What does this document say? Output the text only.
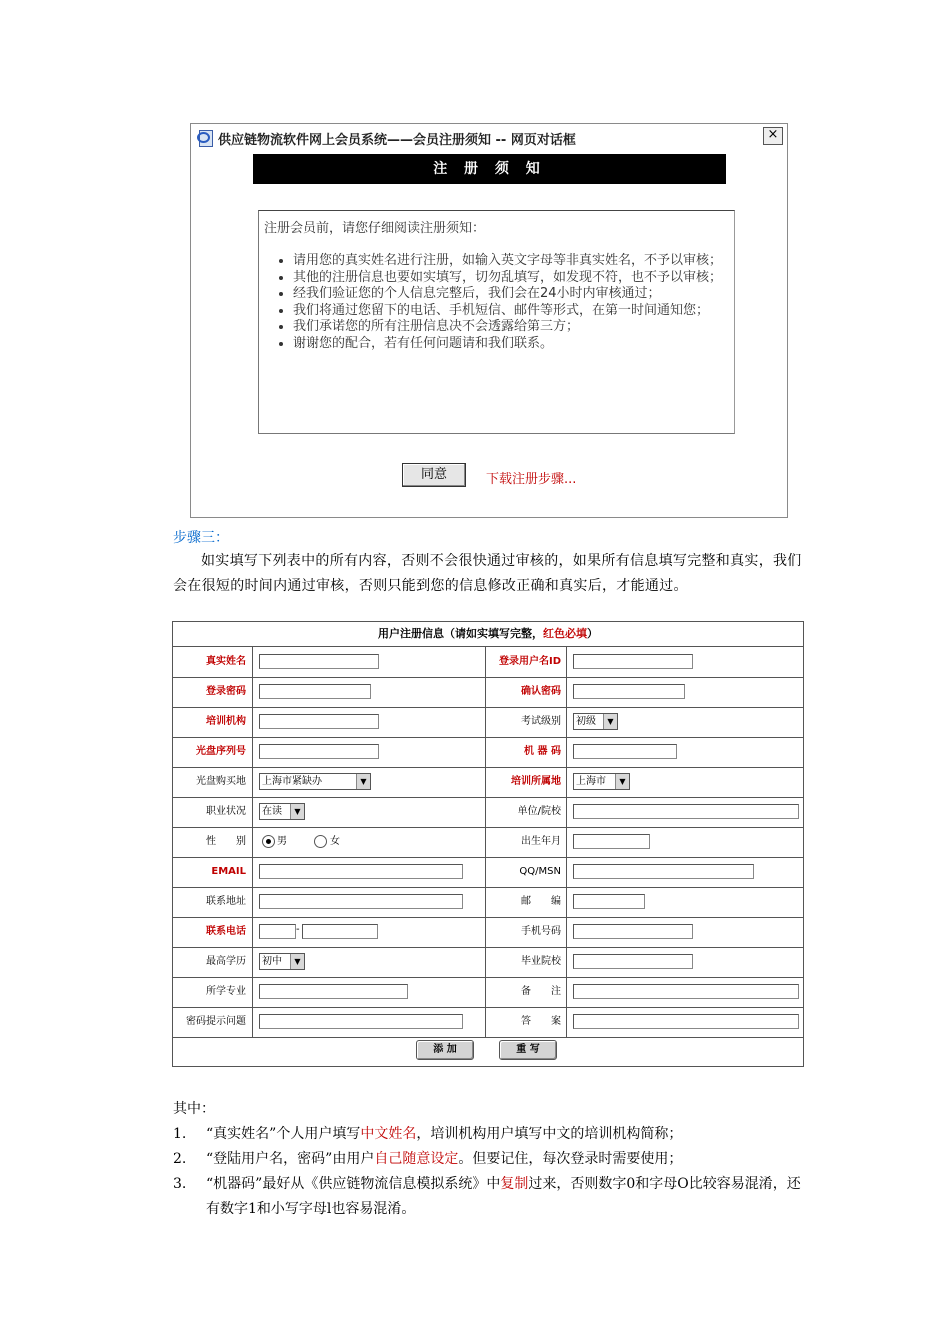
供应链物流软件网上会员系统——会员注册须知 -- 网页对话框	×
注 册 须 知
注册会员前，请您仔细阅读注册须知：
• 请用您的真实姓名进行注册，如输入英文字母等非真实姓名，不予以审核；
• 其他的注册信息也要如实填写，切勿乱填写，如发现不符，也不予以审核；
• 经我们验证您的个人信息完整后，我们会在24小时内审核通过；
• 我们将通过您留下的电话、手机短信、邮件等形式，在第一时间通知您；
• 我们承诺您的所有注册信息决不会透露给第三方；
• 谢谢您的配合，若有任何问题请和我们联系。
同意	下载注册步骤...
步骤三：
如实填写下列表中的所有内容，否则不会很快通过审核的，如果所有信息填写完整和真实，我们会在很短的时间内通过审核，否则只能到您的信息修改正确和真实后，才能通过。
用户注册信息（请如实填写完整，红色必填）
真实姓名	登录用户名ID
登录密码	确认密码
培训机构	考试级别	初级	▼
光盘序列号	机 器 码
光盘购买地	上海市紧缺办	▼	培训所属地	上海市	▼
职业状况	在读	▼	单位/院校
性　　别	男	女	出生年月
EMAIL	QQ/MSN
联系地址	邮　　编
联系电话	-	手机号码
最高学历	初中	▼	毕业院校
所学专业	备　　注
密码提示问题	答　　案
添 加	重 写
其中：
1. “真实姓名”个人用户填写中文姓名，培训机构用户填写中文的培训机构简称；
2. “登陆用户名，密码”由用户自己随意设定。但要记住，每次登录时需要使用；
3. “机器码”最好从《供应链物流信息模拟系统》中复制过来，否则数字0和字母O比较容易混淆，还有数字1和小写字母l也容易混淆。
